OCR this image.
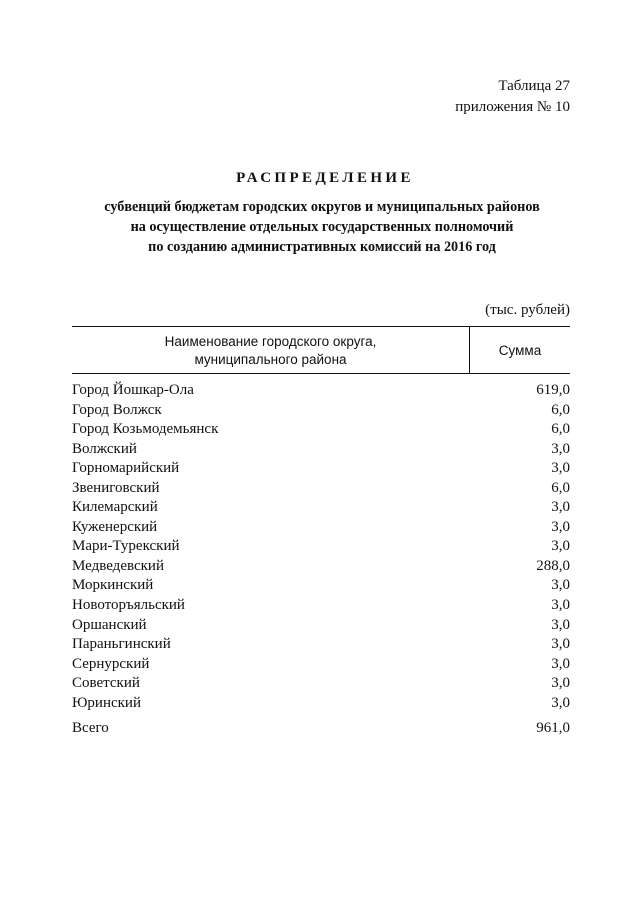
Таблица 27
приложения № 10
РАСПРЕДЕЛЕНИЕ
субвенций бюджетам городских округов и муниципальных районов
на осуществление отдельных государственных полномочий
по созданию административных комиссий на 2016 год
(тыс. рублей)
Наименование городского округа,
муниципального района
Сумма
Город Йошкар-Ола	619,0
Город Волжск	6,0
Город Козьмодемьянск	6,0
Волжский	3,0
Горномарийский	3,0
Звениговский	6,0
Килемарский	3,0
Куженерский	3,0
Мари-Турекский	3,0
Медведевский	288,0
Моркинский	3,0
Новоторъяльский	3,0
Оршанский	3,0
Параньгинский	3,0
Сернурский	3,0
Советский	3,0
Юринский	3,0
Всего	961,0
